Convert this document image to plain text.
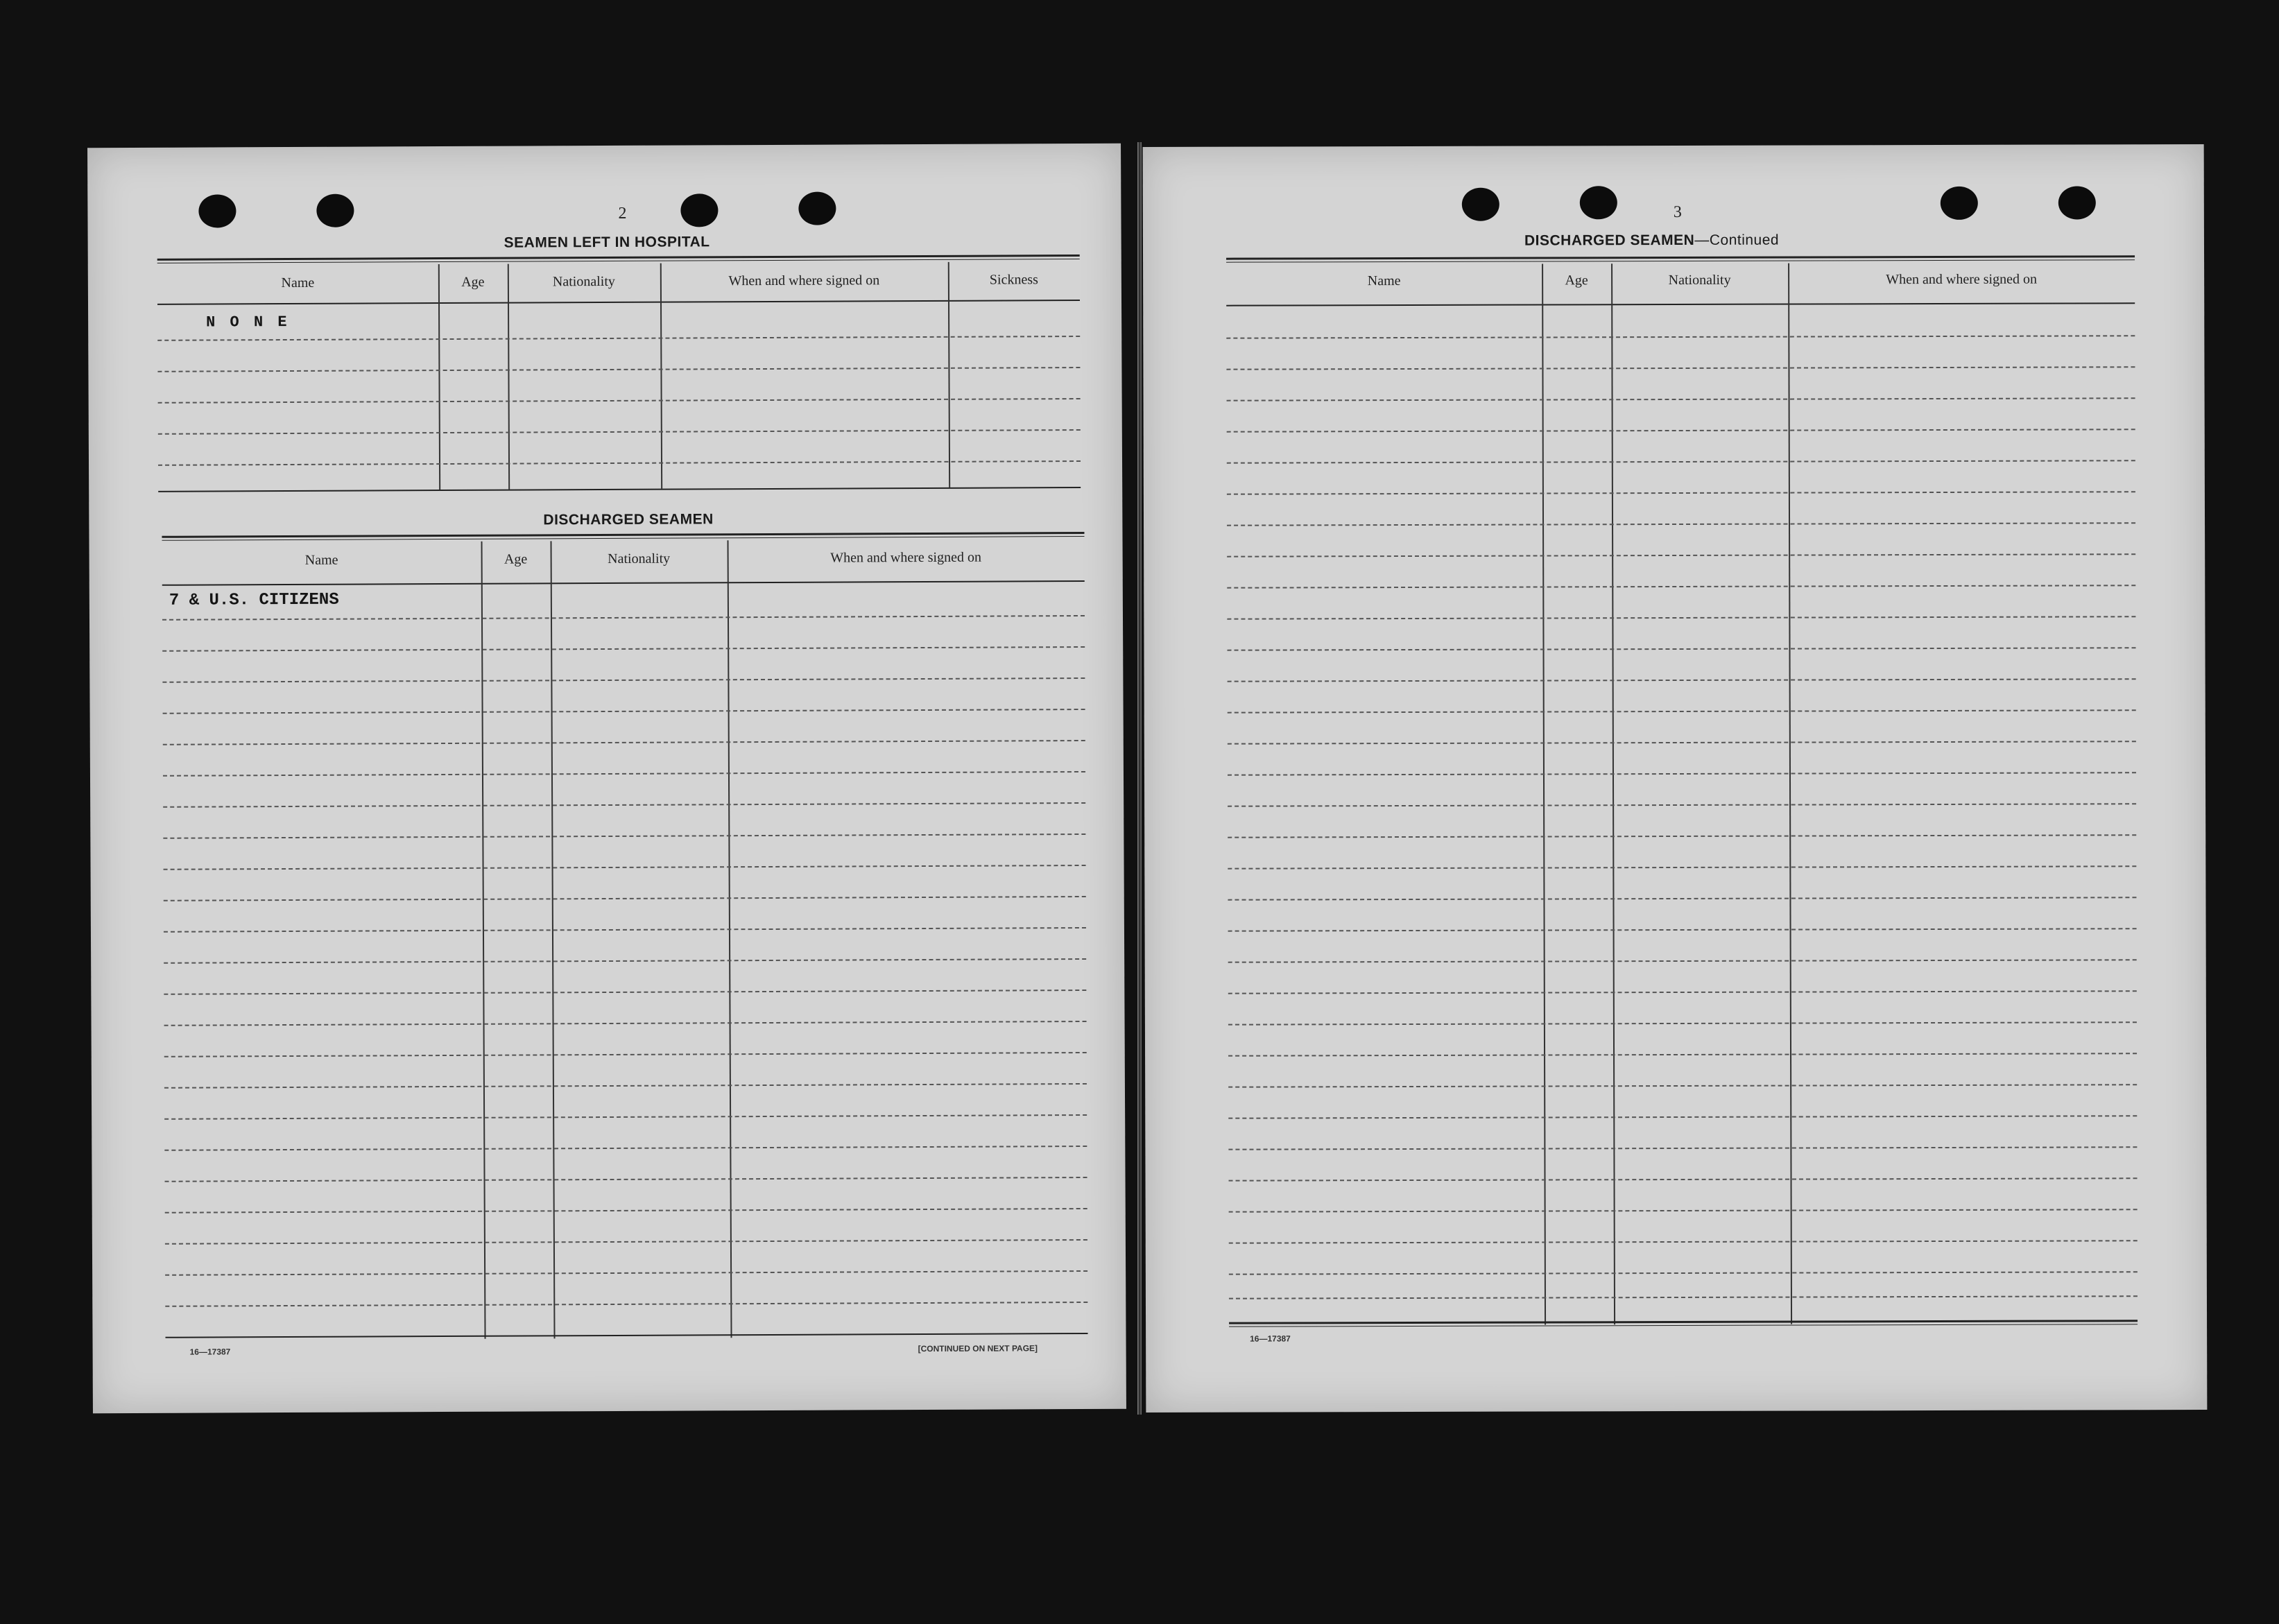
2
SEAMEN LEFT IN HOSPITAL
Name	Age	Nationality	When and where signed on	Sickness
N O N E
DISCHARGED SEAMEN
Name	Age	Nationality	When and where signed on
7 & U.S. CITIZENS
16—17387	[CONTINUED ON NEXT PAGE]
3
DISCHARGED SEAMEN—Continued
Name	Age	Nationality	When and where signed on
16—17387
